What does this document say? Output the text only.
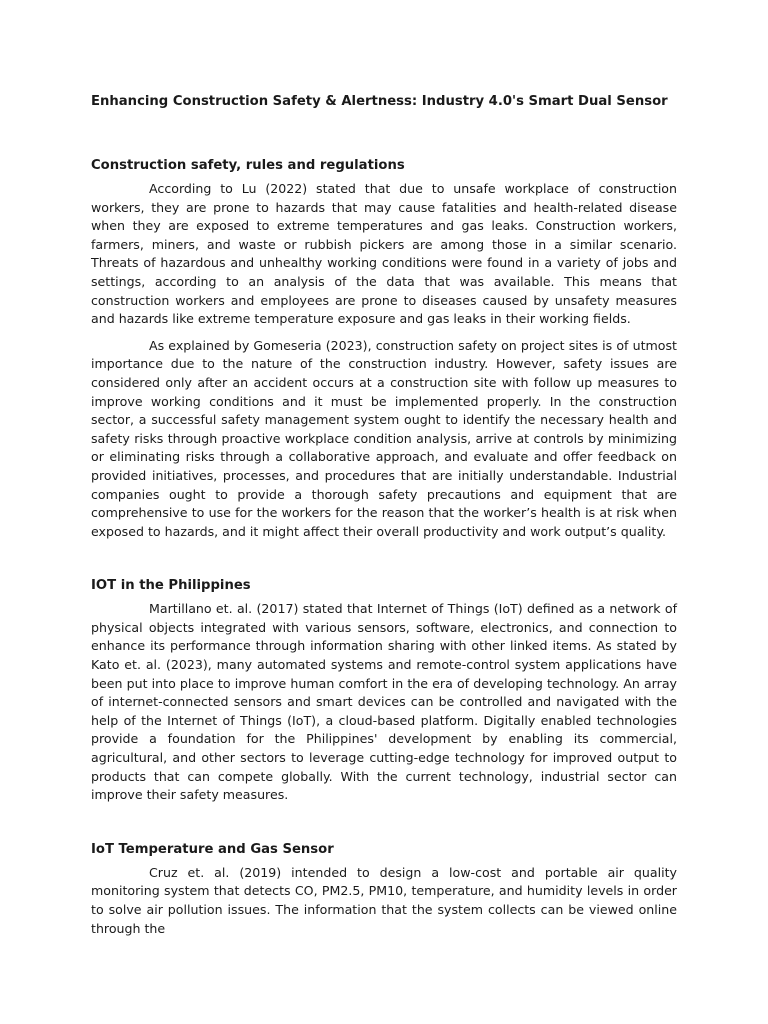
Enhancing Construction Safety & Alertness: Industry 4.0's Smart Dual Sensor
Construction safety, rules and regulations

According to Lu (2022) stated that due to unsafe workplace of construction workers, they are prone to hazards that may cause fatalities and health-related disease when they are exposed to extreme temperatures and gas leaks. Construction workers, farmers, miners, and waste or rubbish pickers are among those in a similar scenario. Threats of hazardous and unhealthy working conditions were found in a variety of jobs and settings, according to an analysis of the data that was available. This means that construction workers and employees are prone to diseases caused by unsafety measures and hazards like extreme temperature exposure and gas leaks in their working fields.

As explained by Gomeseria (2023), construction safety on project sites is of utmost importance due to the nature of the construction industry. However, safety issues are considered only after an accident occurs at a construction site with follow up measures to improve working conditions and it must be implemented properly. In the construction sector, a successful safety management system ought to identify the necessary health and safety risks through proactive workplace condition analysis, arrive at controls by minimizing or eliminating risks through a collaborative approach, and evaluate and offer feedback on provided initiatives, processes, and procedures that are initially understandable. Industrial companies ought to provide a thorough safety precautions and equipment that are comprehensive to use for the workers for the reason that the worker’s health is at risk when exposed to hazards, and it might affect their overall productivity and work output’s quality.

IOT in the Philippines

Martillano et. al. (2017) stated that Internet of Things (IoT) defined as a network of physical objects integrated with various sensors, software, electronics, and connection to enhance its performance through information sharing with other linked items. As stated by Kato et. al. (2023), many automated systems and remote-control system applications have been put into place to improve human comfort in the era of developing technology. An array of internet-connected sensors and smart devices can be controlled and navigated with the help of the Internet of Things (IoT), a cloud-based platform. Digitally enabled technologies provide a foundation for the Philippines' development by enabling its commercial, agricultural, and other sectors to leverage cutting-edge technology for improved output to products that can compete globally. With the current technology, industrial sector can improve their safety measures.

IoT Temperature and Gas Sensor

Cruz et. al. (2019) intended to design a low-cost and portable air quality monitoring system that detects CO, PM2.5, PM10, temperature, and humidity levels in order to solve air pollution issues. The information that the system collects can be viewed online through the
